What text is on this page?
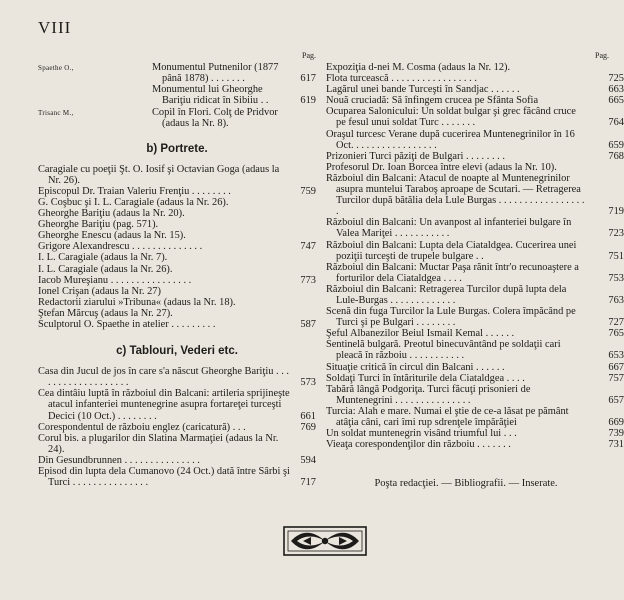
VIII
Pag.
Spaethe O.,	Monumentul Putnenilor (1877 până 1878) . . . . . . .	617
Monumentul lui Gheorghe Bariţiu ridicat în Sibiiu . .	619
Trisanc M.,	Copil în Flori. Colţ de Pridvor (adaus la Nr. 8).
b) Portrete.
Caragiale cu poeţii Şt. O. Iosif şi Octavian Goga (adaus la Nr. 26).
Episcopul Dr. Traian Valeriu Frenţiu . . . . . . . .	759
G. Coşbuc şi I. L. Caragiale (adaus la Nr. 26).
Gheorghe Bariţiu (adaus la Nr. 20).
Gheorghe Bariţiu (pag. 571).
Gheorghe Enescu (adaus la Nr. 15).
Grigore Alexandrescu . . . . . . . . . . . . . .	747
I. L. Caragiale (adaus la Nr. 7).
I. L. Caragiale (adaus la Nr. 26).
Iacob Mureşianu . . . . . . . . . . . . . . . .	773
Ionel Crişan (adaus la Nr. 27)
Redactorii ziarului »Tribuna« (adaus la Nr. 18).
Ştefan Mărcuş (adaus la Nr. 27).
Sculptorul O. Spaethe in atelier . . . . . . . . .	587
c) Tablouri, Vederi etc.
Casa din Jucul de jos în care s'a născut Gheorghe Bariţiu . . . . . . . . . . . . . . . . . . .	573
Cea dintâiu luptă în războiul din Balcani: artileria sprijineşte atacul infanteriei muntenegrine asupra fortareţei turceşti Decici (10 Oct.) . . . . . . . .	661
Corespondentul de războiu englez (caricatură) . . .	769
Corul bis. a plugarilor din Slatina Marmaţiei (adaus la Nr. 24).
Din Gesundbrunnen . . . . . . . . . . . . . . .	594
Episod din lupta dela Cumanovo (24 Oct.) dată între Sârbi şi Turci . . . . . . . . . . . . . . .	717
Pag.
Expoziţia d-nei M. Cosma (adaus la Nr. 12).
Flota turcească . . . . . . . . . . . . . . . . .	725
Lagărul unei bande Turceşti în Sandjac . . . . . .	663
Nouă cruciadă: Să înfingem crucea pe Sfânta Sofia	665
Ocuparea Salonicului: Un soldat bulgar şi grec făcând cruce pe fesul unui soldat Turc . . . . . . .	764
Oraşul turcesc Verane după cucerirea Muntenegrinilor în 16 Oct. . . . . . . . . . . . . . . . .	659
Prizonieri Turci păziţi de Bulgari . . . . . . . .	768
Profesorul Dr. Ioan Borcea între elevi (adaus la Nr. 10).
Războiul din Balcani: Atacul de noapte al Muntenegrinilor asupra muntelui Taraboş aproape de Scutari. — Retragerea Turcilor după bătălia dela Lule Burgas . . . . . . . . . . . . . . . . . .	719
Războiul din Balcani: Un avanpost al infanteriei bulgare în Valea Mariţei . . . . . . . . . . .	723
Războiul din Balcani: Lupta dela Ciataldgea. Cucerirea unei poziţii turceşti de trupele bulgare . .	751
Războiul din Balcani: Muctar Paşa rănit într'o recunoaştere a forturilor dela Ciataldgea . . . .	753
Războiul din Balcani: Retragerea Turcilor după lupta dela Lule-Burgas . . . . . . . . . . . . .	763
Scenă din fuga Turcilor la Lule Burgas. Colera împăcând pe Turci şi pe Bulgari . . . . . . . .	727
Şeful Albanezilor Beiul Ismail Kemal . . . . . .	765
Sentinelă bulgară. Preotul binecuvântând pe soldaţii cari pleacă în războiu . . . . . . . . . . .	653
Situaţie critică în circul din Balcani . . . . . .	667
Soldaţi Turci în întăriturile dela Ciataldgea . . . .	757
Tabără lângă Podgoriţa. Turci făcuţi prisonieri de Muntenegrini . . . . . . . . . . . . . . .	657
Turcia: Alah e mare. Numai el ştie de ce-a lăsat pe pământ atâţia câni, cari îmi rup sdrenţele împărăţiei	669
Un soldat muntenegrin visând triumful lui . . .	739
Vieaţa corespondenţilor din războiu . . . . . . .	731
Poşta redacţiei. — Bibliografii. — Inserate.
